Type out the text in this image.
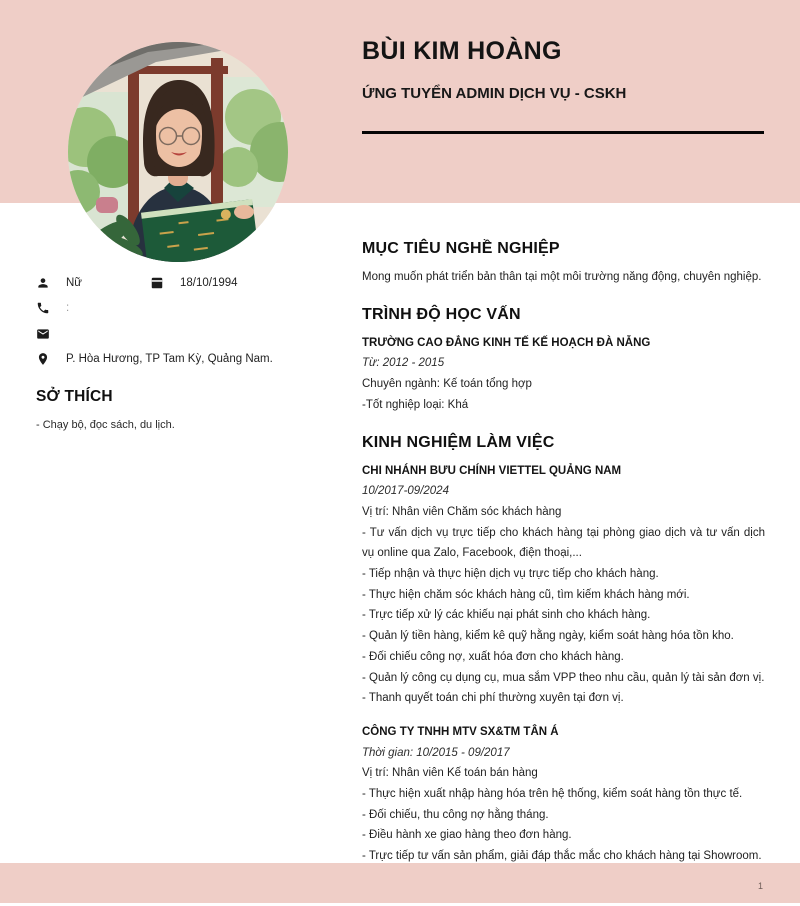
1
BÙI KIM HOÀNG
ỨNG TUYỂN ADMIN DỊCH VỤ - CSKH
Nữ	18/10/1994
:
P. Hòa Hương, TP Tam Kỳ, Quảng Nam.
SỞ THÍCH
- Chạy bộ, đọc sách, du lịch.
MỤC TIÊU NGHỀ NGHIỆP

Mong muốn phát triển bản thân tại một môi trường năng động, chuyên nghiệp.

TRÌNH ĐỘ HỌC VẤN

TRƯỜNG CAO ĐẲNG KINH TẾ KẾ HOẠCH ĐÀ NẴNG

Từ: 2012 - 2015

Chuyên ngành: Kế toán tổng hợp

-Tốt nghiệp loại: Khá

KINH NGHIỆM LÀM VIỆC

CHI NHÁNH BƯU CHÍNH VIETTEL QUẢNG NAM

10/2017-09/2024

Vị trí: Nhân viên Chăm sóc khách hàng

- Tư vấn dịch vụ trực tiếp cho khách hàng tại phòng giao dịch và tư vấn dịch vụ online qua Zalo, Facebook, điện thoại,...

- Tiếp nhận và thực hiện dịch vụ trực tiếp cho khách hàng.

- Thực hiện chăm sóc khách hàng cũ, tìm kiếm khách hàng mới.

- Trực tiếp xử lý các khiếu nại phát sinh cho khách hàng.

- Quản lý tiền hàng, kiểm kê quỹ hằng ngày, kiểm soát hàng hóa tồn kho.

- Đối chiếu công nợ, xuất hóa đơn cho khách hàng.

- Quản lý công cụ dụng cụ, mua sắm VPP theo nhu cầu, quản lý tài sản đơn vị.

- Thanh quyết toán chi phí thường xuyên tại đơn vị.

CÔNG TY TNHH MTV SX&TM TÂN Á

Thời gian: 10/2015 - 09/2017

Vị trí: Nhân viên Kế toán bán hàng

- Thực hiện xuất nhập hàng hóa trên hệ thống, kiểm soát hàng tồn thực tế.

- Đối chiếu, thu công nợ hằng tháng.

- Điều hành xe giao hàng theo đơn hàng.

- Trực tiếp tư vấn sản phẩm, giải đáp thắc mắc cho khách hàng tại Showroom.
